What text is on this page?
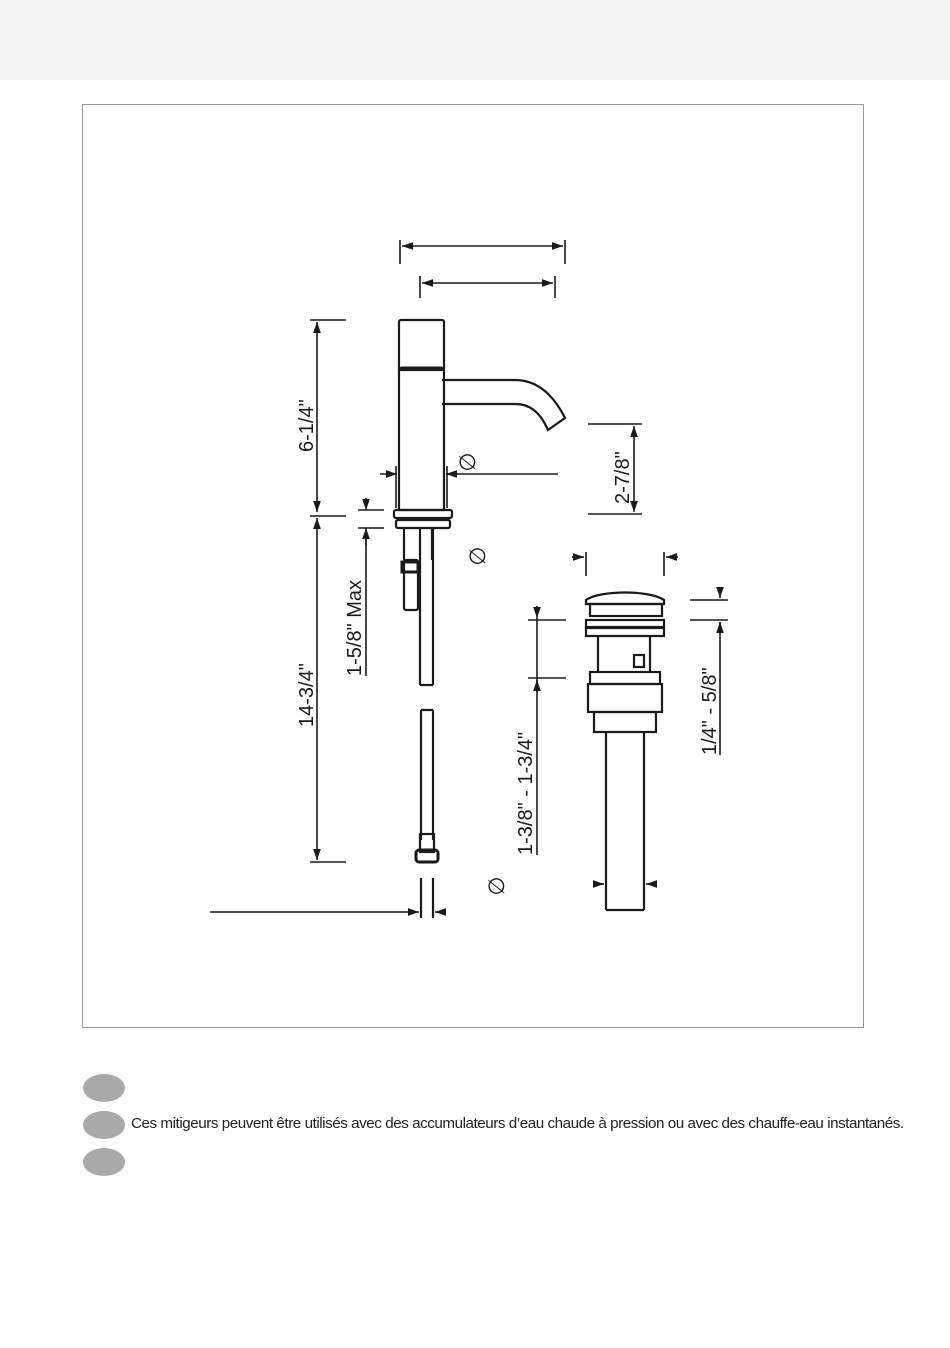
6-1/4"
14-3/4"
1-5/8" Max
2-7/8"
1-3/8" - 1-3/4"
1/4" - 5/8"
∅
∅
∅
Ces mitigeurs peuvent être utilisés avec des accumulateurs d’eau chaude à pression ou avec des chauffe-eau instantanés.
